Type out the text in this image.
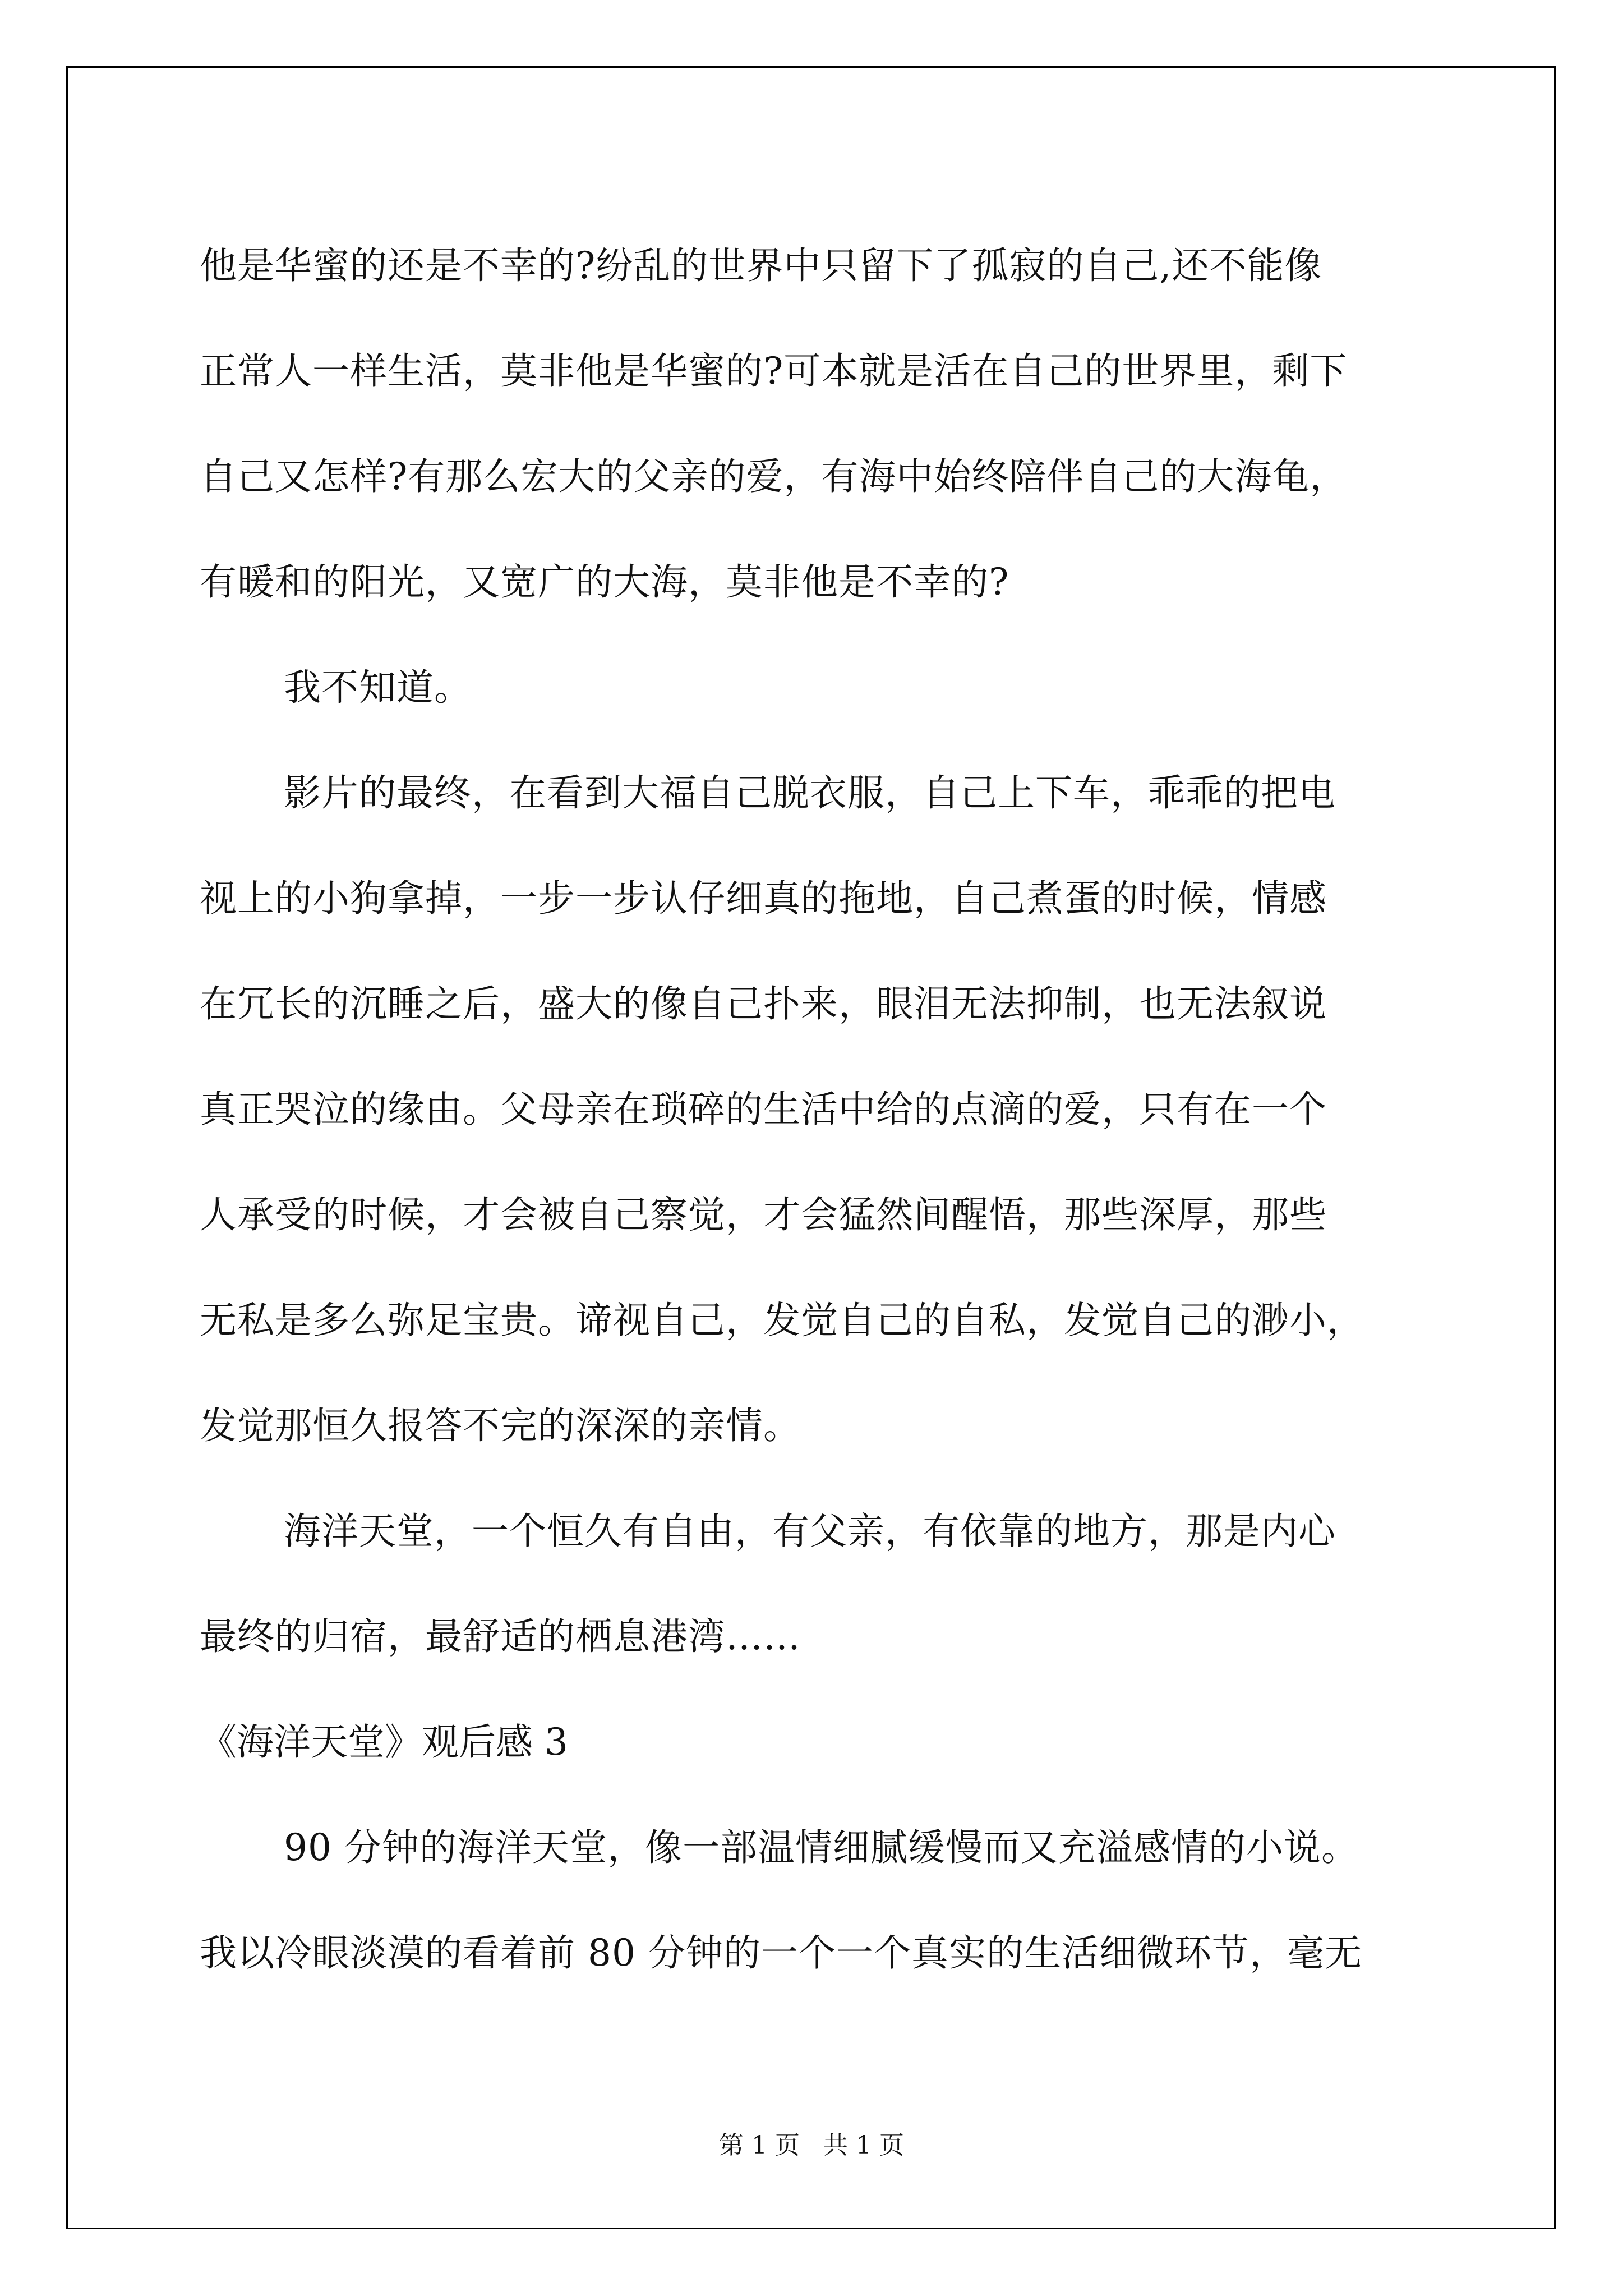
他是华蜜的还是不幸的?纷乱的世界中只留下了孤寂的自己,还不能像
正常人一样生活，莫非他是华蜜的?可本就是活在自己的世界里，剩下
自己又怎样?有那么宏大的父亲的爱，有海中始终陪伴自己的大海龟，
有暖和的阳光，又宽广的大海，莫非他是不幸的?
我不知道。
影片的最终，在看到大福自己脱衣服，自己上下车，乖乖的把电
视上的小狗拿掉，一步一步认仔细真的拖地，自己煮蛋的时候，情感
在冗长的沉睡之后，盛大的像自己扑来，眼泪无法抑制，也无法叙说
真正哭泣的缘由。父母亲在琐碎的生活中给的点滴的爱，只有在一个
人承受的时候，才会被自己察觉，才会猛然间醒悟，那些深厚，那些
无私是多么弥足宝贵。谛视自己，发觉自己的自私，发觉自己的渺小，
发觉那恒久报答不完的深深的亲情。
海洋天堂，一个恒久有自由，有父亲，有依靠的地方，那是内心
最终的归宿，最舒适的栖息港湾……
《海洋天堂》观后感 3
90 分钟的海洋天堂，像一部温情细腻缓慢而又充溢感情的小说。
我以冷眼淡漠的看着前 80 分钟的一个一个真实的生活细微环节，毫无
第 1 页 共 1 页
